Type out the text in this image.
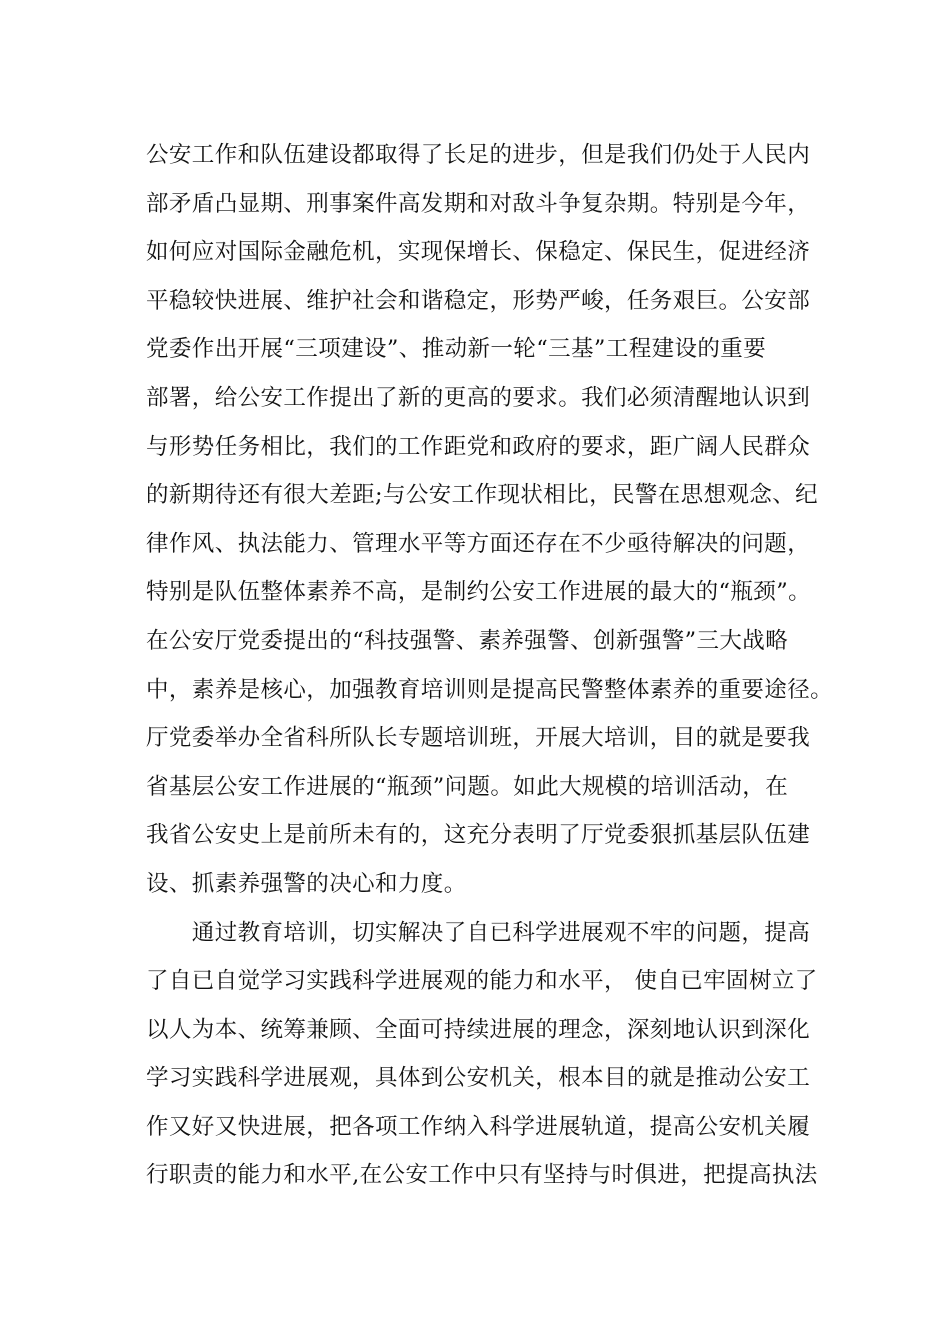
公安工作和队伍建设都取得了长足的进步，但是我们仍处于人民内
部矛盾凸显期、刑事案件高发期和对敌斗争复杂期。特别是今年，
如何应对国际金融危机，实现保增长、保稳定、保民生，促进经济
平稳较快进展、维护社会和谐稳定，形势严峻，任务艰巨。公安部
党委作出开展“三项建设”、推动新一轮“三基”工程建设的重要
部署，给公安工作提出了新的更高的要求。我们必须清醒地认识到
与形势任务相比，我们的工作距党和政府的要求，距广阔人民群众
的新期待还有很大差距;与公安工作现状相比，民警在思想观念、纪
律作风、执法能力、管理水平等方面还存在不少亟待解决的问题，
特别是队伍整体素养不高，是制约公安工作进展的最大的“瓶颈”。
在公安厅党委提出的“科技强警、素养强警、创新强警”三大战略
中，素养是核心，加强教育培训则是提高民警整体素养的重要途径。
厅党委举办全省科所队长专题培训班，开展大培训，目的就是要我
省基层公安工作进展的“瓶颈”问题。如此大规模的培训活动，在
我省公安史上是前所未有的，这充分表明了厅党委狠抓基层队伍建
设、抓素养强警的决心和力度。
　　通过教育培训，切实解决了自已科学进展观不牢的问题，提高
了自已自觉学习实践科学进展观的能力和水平， 使自已牢固树立了
以人为本、统筹兼顾、全面可持续进展的理念，深刻地认识到深化
学习实践科学进展观，具体到公安机关，根本目的就是推动公安工
作又好又快进展，把各项工作纳入科学进展轨道，提高公安机关履
行职责的能力和水平,在公安工作中只有坚持与时俱进，把提高执法
